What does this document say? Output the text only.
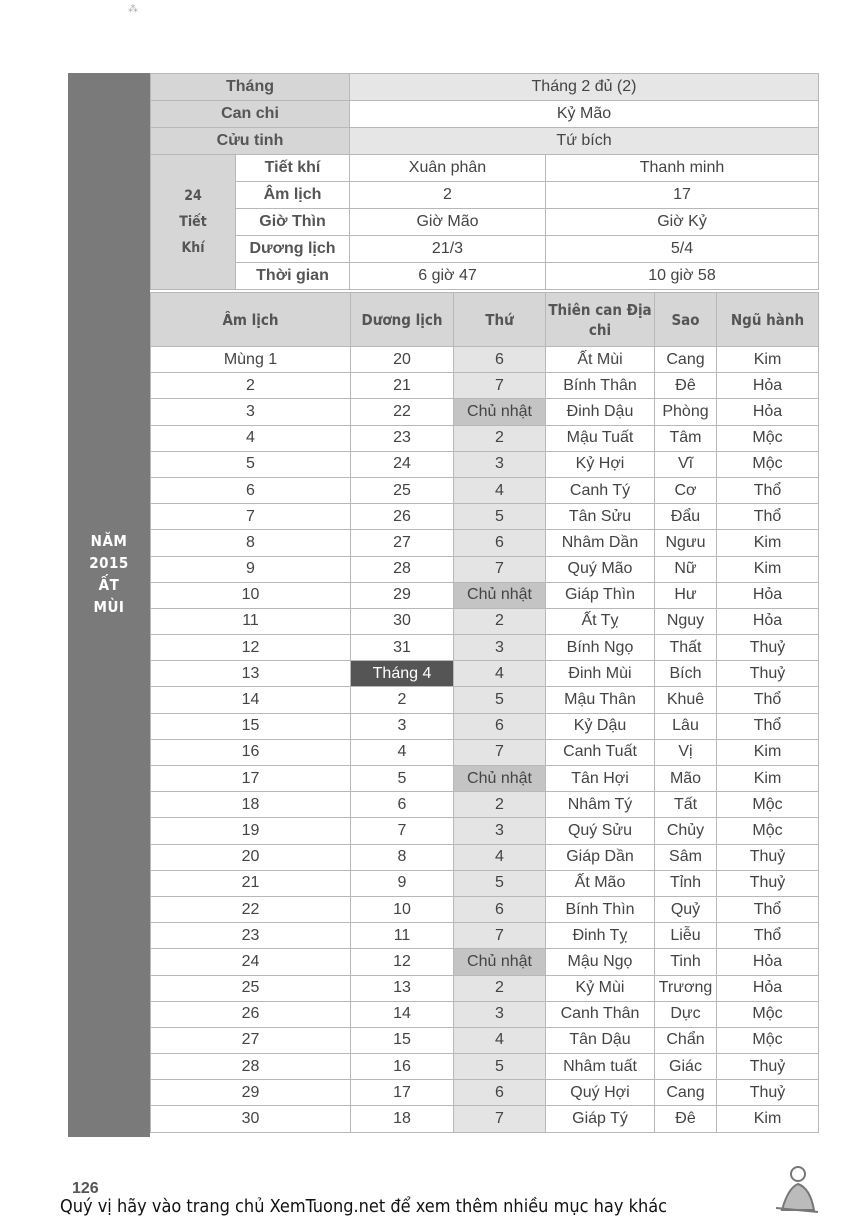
⁂
NĂM
2015
ẤT
MÙI
Tháng		Tháng 2 đủ (2)	
Can chi		Kỷ Mão	
Cửu tinh		Tứ bích	

24
Tiết
Khí	Tiết khí	Xuân phân	Thanh minh
	Âm lịch	2	17
	Giờ Thìn	Giờ Mão	Giờ Kỷ
	Dương lịch	21/3	5/4
	Thời gian	6 giờ 47	10 giờ 58
Âm lịch	Dương lịch	Thứ	Thiên can Địa chi	Sao	Ngũ hành
Mùng 1	20	6	Ất Mùi	Cang	Kim
2	21	7	Bính Thân	Đê	Hỏa
3	22	Chủ nhật	Đinh Dậu	Phòng	Hỏa
4	23	2	Mậu Tuất	Tâm	Mộc
5	24	3	Kỷ Hợi	Vĩ	Mộc
6	25	4	Canh Tý	Cơ	Thổ
7	26	5	Tân Sửu	Đẩu	Thổ
8	27	6	Nhâm Dần	Ngưu	Kim
9	28	7	Quý Mão	Nữ	Kim
10	29	Chủ nhật	Giáp Thìn	Hư	Hỏa
11	30	2	Ất Tỵ	Nguy	Hỏa
12	31	3	Bính Ngọ	Thất	Thuỷ
13	Tháng 4	4	Đinh Mùi	Bích	Thuỷ
14	2	5	Mậu Thân	Khuê	Thổ
15	3	6	Kỷ Dậu	Lâu	Thổ
16	4	7	Canh Tuất	Vị	Kim
17	5	Chủ nhật	Tân Hợi	Mão	Kim
18	6	2	Nhâm Tý	Tất	Mộc
19	7	3	Quý Sửu	Chủy	Mộc
20	8	4	Giáp Dần	Sâm	Thuỷ
21	9	5	Ất Mão	Tỉnh	Thuỷ
22	10	6	Bính Thìn	Quỷ	Thổ
23	11	7	Đinh Tỵ	Liễu	Thổ
24	12	Chủ nhật	Mậu Ngọ	Tinh	Hỏa
25	13	2	Kỷ Mùi	Trương	Hỏa
26	14	3	Canh Thân	Dực	Mộc
27	15	4	Tân Dậu	Chẩn	Mộc
28	16	5	Nhâm tuất	Giác	Thuỷ
29	17	6	Quý Hợi	Cang	Thuỷ
30	18	7	Giáp Tý	Đê	Kim
126
Quý vị hãy vào trang chủ XemTuong.net để xem thêm nhiều mục hay khác
